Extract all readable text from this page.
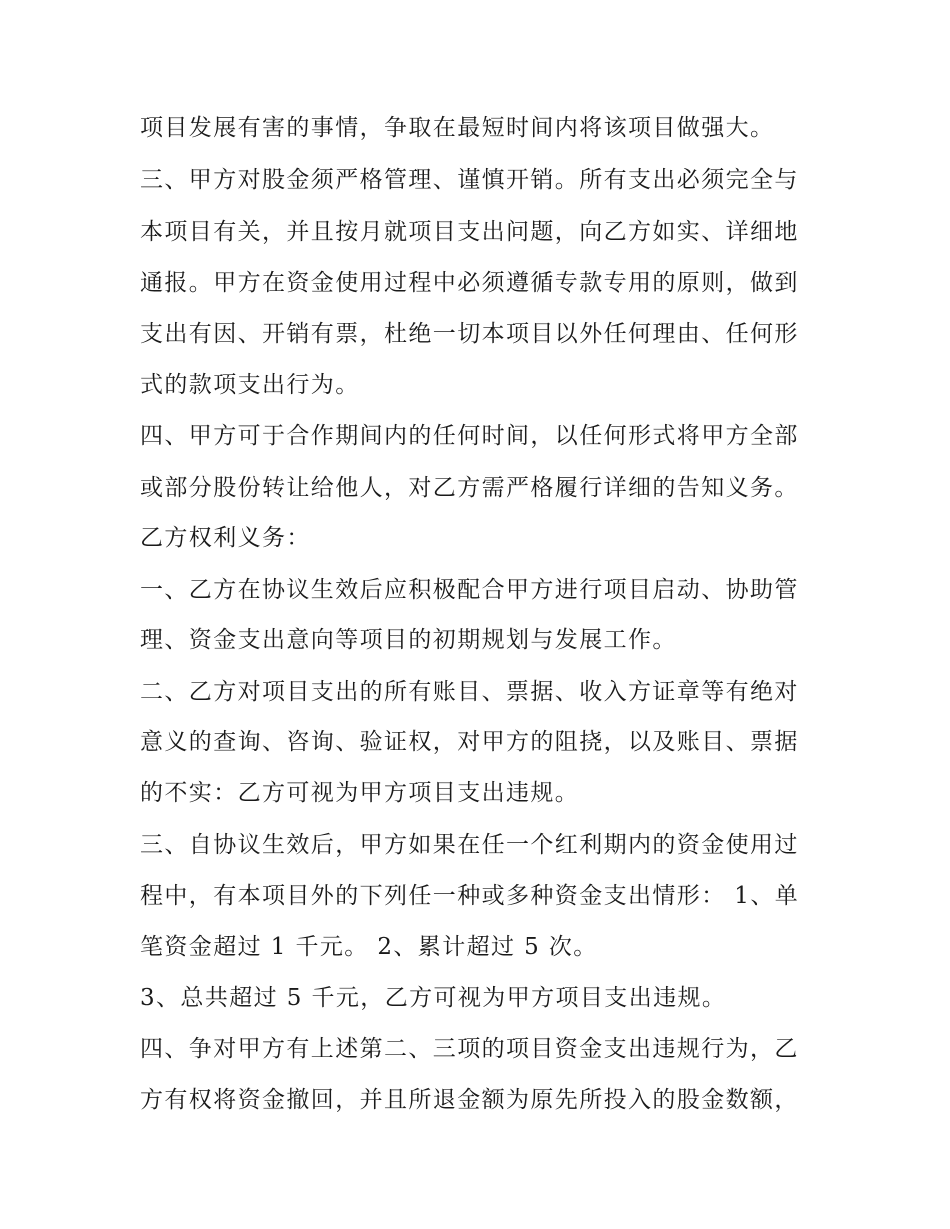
项目发展有害的事情，争取在最短时间内将该项目做强大。
三、甲方对股金须严格管理、谨慎开销。所有支出必须完全与
本项目有关，并且按月就项目支出问题，向乙方如实、详细地
通报。甲方在资金使用过程中必须遵循专款专用的原则，做到
支出有因、开销有票，杜绝一切本项目以外任何理由、任何形
式的款项支出行为。
四、甲方可于合作期间内的任何时间，以任何形式将甲方全部
或部分股份转让给他人，对乙方需严格履行详细的告知义务。
乙方权利义务：
一、乙方在协议生效后应积极配合甲方进行项目启动、协助管
理、资金支出意向等项目的初期规划与发展工作。
二、乙方对项目支出的所有账目、票据、收入方证章等有绝对
意义的查询、咨询、验证权，对甲方的阻挠，以及账目、票据
的不实：乙方可视为甲方项目支出违规。
三、自协议生效后，甲方如果在任一个红利期内的资金使用过
程中，有本项目外的下列任一种或多种资金支出情形： 1、单
笔资金超过 1 千元。 2、累计超过 5 次。
3、总共超过 5 千元，乙方可视为甲方项目支出违规。
四、争对甲方有上述第二、三项的项目资金支出违规行为，乙
方有权将资金撤回，并且所退金额为原先所投入的股金数额，
